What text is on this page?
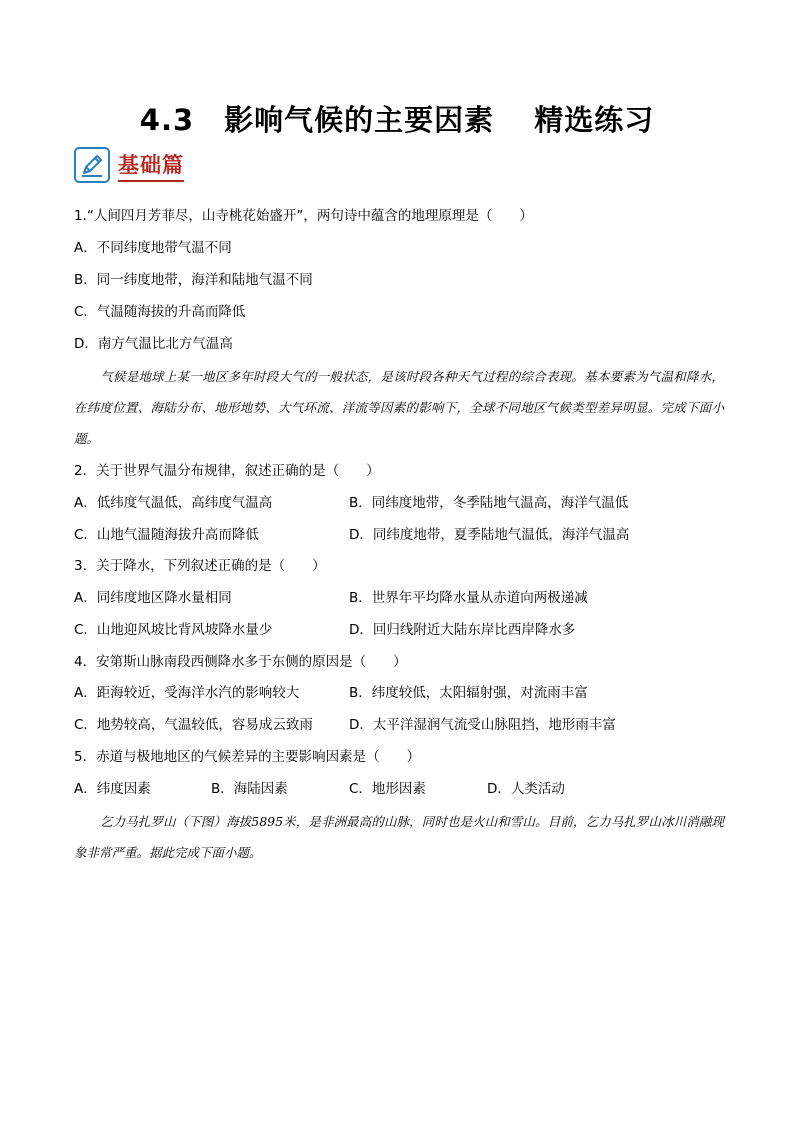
4.3 影响气候的主要因素 精选练习
基础篇
1.“人间四月芳菲尽，山寺桃花始盛开”，两句诗中蕴含的地理原理是（　　）
A．不同纬度地带气温不同
B．同一纬度地带，海洋和陆地气温不同
C．气温随海拔的升高而降低
D．南方气温比北方气温高
气候是地球上某一地区多年时段大气的一般状态，是该时段各种天气过程的综合表现。基本要素为气温和降水，在纬度位置、海陆分布、地形地势、大气环流、洋流等因素的影响下，全球不同地区气候类型差异明显。完成下面小题。
2．关于世界气温分布规律，叙述正确的是（　　）
A．低纬度气温低，高纬度气温高	B．同纬度地带，冬季陆地气温高，海洋气温低
C．山地气温随海拔升高而降低	D．同纬度地带，夏季陆地气温低，海洋气温高
3．关于降水，下列叙述正确的是（　　）
A．同纬度地区降水量相同	B．世界年平均降水量从赤道向两极递减
C．山地迎风坡比背风坡降水量少	D．回归线附近大陆东岸比西岸降水多
4．安第斯山脉南段西侧降水多于东侧的原因是（　　）
A．距海较近，受海洋水汽的影响较大	B．纬度较低，太阳辐射强，对流雨丰富
C．地势较高，气温较低，容易成云致雨	D．太平洋湿润气流受山脉阻挡，地形雨丰富
5．赤道与极地地区的气候差异的主要影响因素是（　　）
A．纬度因素	B．海陆因素	C．地形因素	D．人类活动
乞力马扎罗山（下图）海拔5895米，是非洲最高的山脉，同时也是火山和雪山。目前，乞力马扎罗山冰川消融现象非常严重。据此完成下面小题。
